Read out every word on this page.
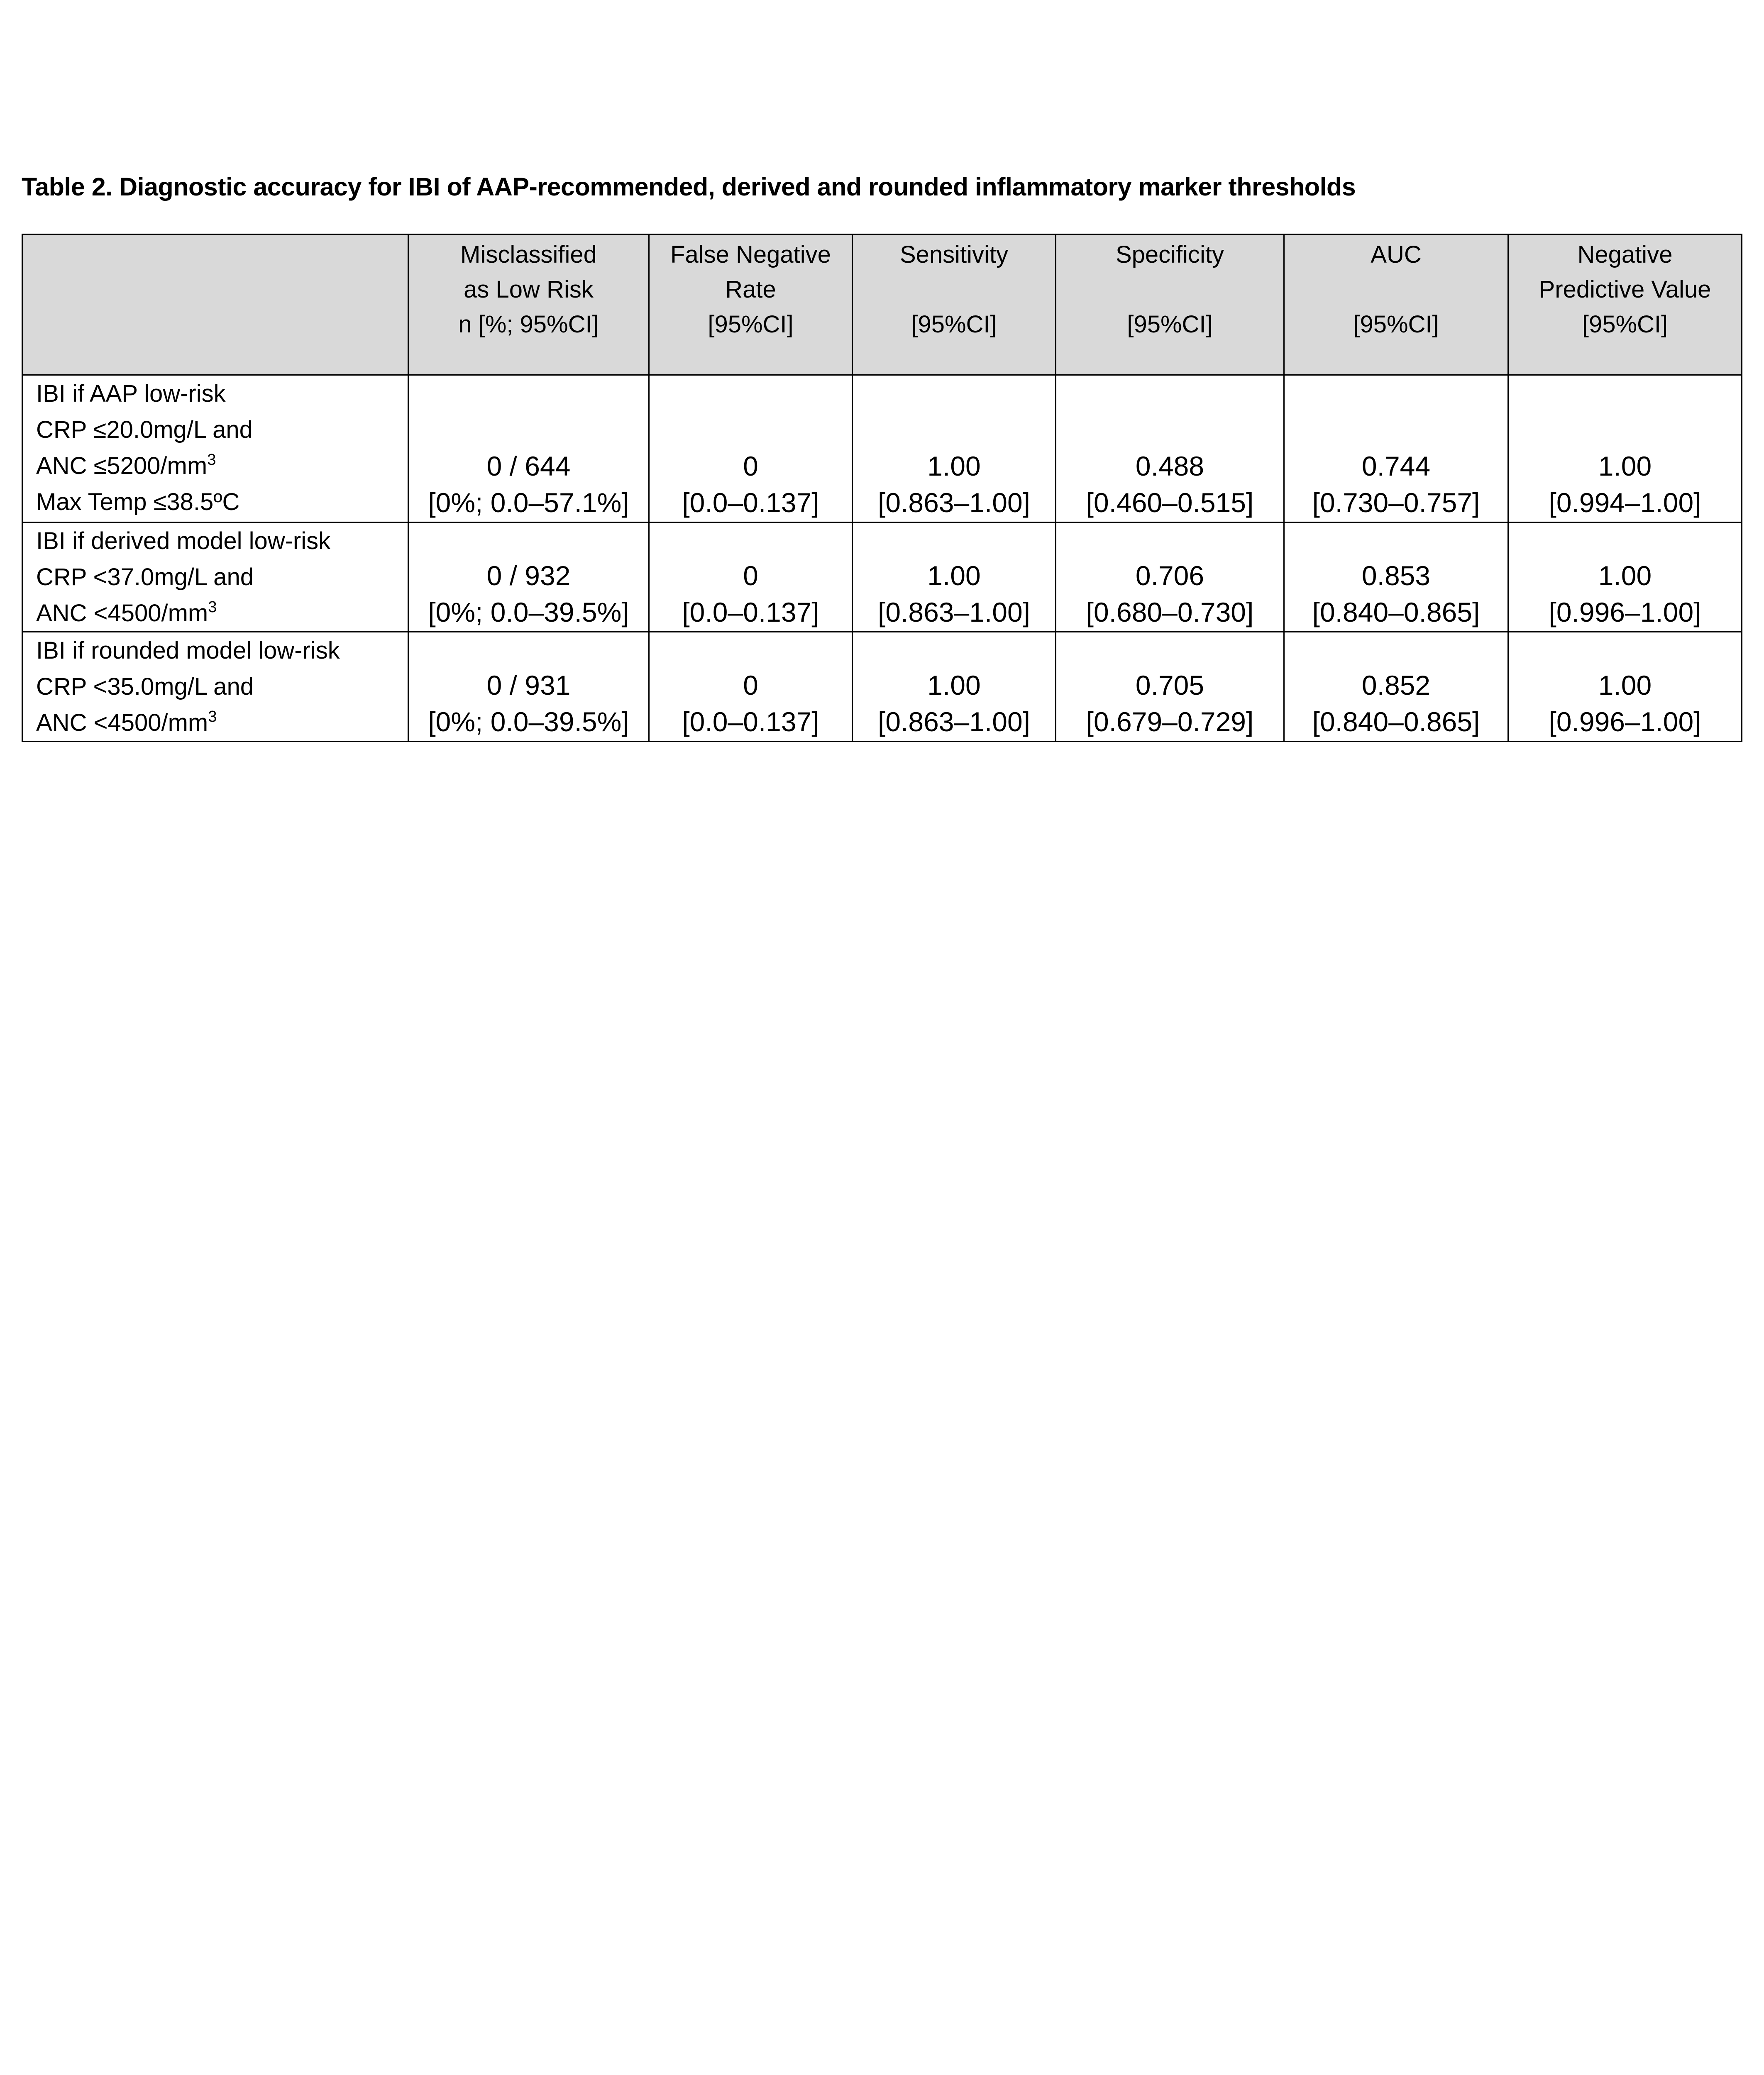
Table 2. Diagnostic accuracy for IBI of AAP-recommended, derived and rounded inflammatory marker thresholds

	Misclassified
as Low Risk
n [%; 95%CI]	False Negative
Rate
[95%CI]	Sensitivity

[95%CI]	Specificity

[95%CI]	AUC

[95%CI]	Negative
Predictive Value
[95%CI]

IBI if AAP low-risk
CRP ≤20.0mg/L and
ANC $\le 5200/mm^3$
Max Temp ≤38.5ºC	0 / 644
[0%; 0.0–57.1%]	0
[0.0–0.137]	1.00
[0.863–1.00]	0.488
[0.460–0.515]	0.744
[0.730–0.757]	1.00
[0.994–1.00]

IBI if derived model low-risk
CRP <37.0mg/L and
ANC $<4500/mm^3$	0 / 932
[0%; 0.0–39.5%]	0
[0.0–0.137]	1.00
[0.863–1.00]	0.706
[0.680–0.730]	0.853
[0.840–0.865]	1.00
[0.996–1.00]

IBI if rounded model low-risk
CRP <35.0mg/L and
ANC $<4500/mm^3$	0 / 931
[0%; 0.0–39.5%]	0
[0.0–0.137]	1.00
[0.863–1.00]	0.705
[0.679–0.729]	0.852
[0.840–0.865]	1.00
[0.996–1.00]
